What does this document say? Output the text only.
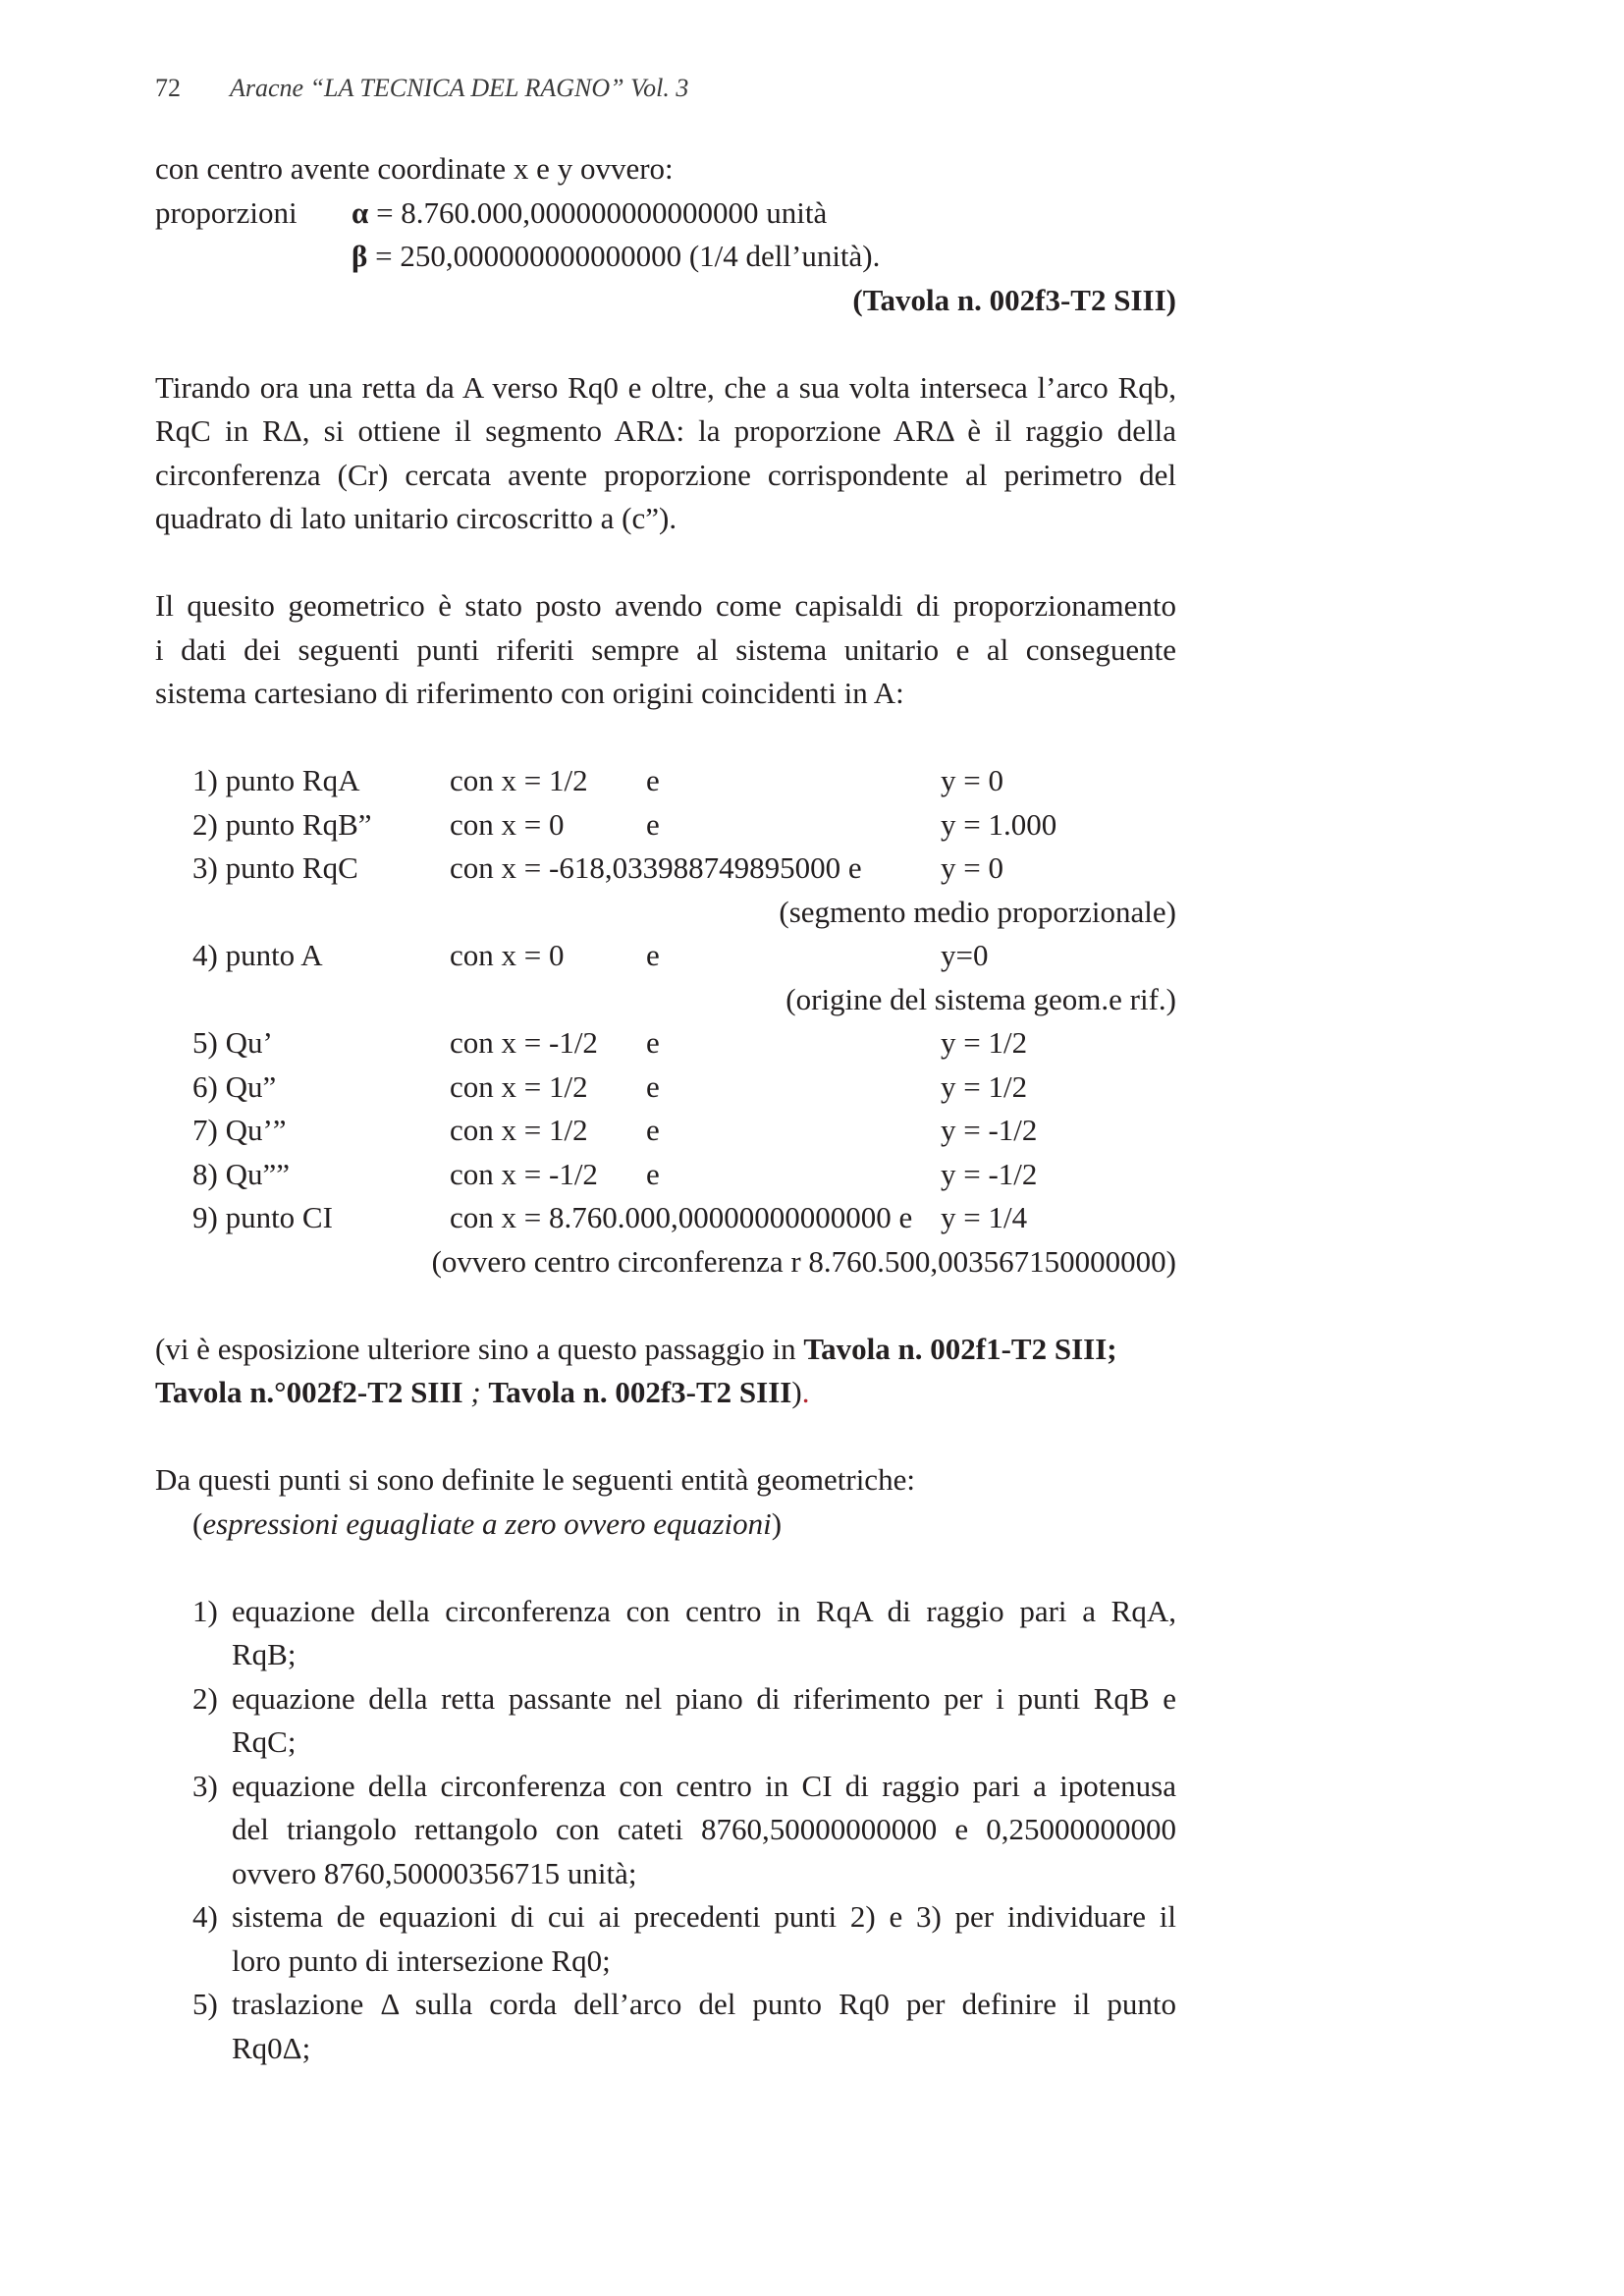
72 Aracne “LA TECNICA DEL RAGNO” Vol. 3
con centro avente coordinate x e y ovvero:
proporzioni α = 8.760.000,000000000000000 unità
β = 250,000000000000000 (1/4 dell’unità).
(Tavola n. 002f3-T2 SIII)
Tirando ora una retta da A verso Rq0 e oltre, che a sua volta interseca l’arco Rqb,
RqC in RΔ, si ottiene il segmento ARΔ: la proporzione ARΔ è il raggio della
circonferenza (Cr) cercata avente proporzione corrispondente al perimetro del
quadrato di lato unitario circoscritto a (c”).
Il quesito geometrico è stato posto avendo come capisaldi di proporzionamento
i dati dei seguenti punti riferiti sempre al sistema unitario e al conseguente
sistema cartesiano di riferimento con origini coincidenti in A:
1) punto RqA	con x = 1/2 e	y = 0
2) punto RqB”	con x = 0	e	y = 1.000
3) punto RqC	con x = -618,033988749895000 e	y = 0
(segmento medio proporzionale)
4) punto A	con x = 0	e	y=0
(origine del sistema geom.e rif.)
5) Qu’	con x = -1/2 e	y = 1/2
6) Qu”	con x = 1/2 e	y = 1/2
7) Qu’”	con x = 1/2 e	y = -1/2
8) Qu””	con x = -1/2 e	y = -1/2
9) punto CI	con x = 8.760.000,00000000000000 e y = 1/4
(ovvero centro circonferenza r 8.760.500,003567150000000)
(vi è esposizione ulteriore sino a questo passaggio in Tavola n. 002f1-T2 SIII;
Tavola n.°002f2-T2 SIII ; Tavola n. 002f3-T2 SIII).
Da questi punti si sono definite le seguenti entità geometriche:
(espressioni eguagliate a zero ovvero equazioni)
1) equazione della circonferenza con centro in RqA di raggio pari a RqA,
RqB;
2) equazione della retta passante nel piano di riferimento per i punti RqB e
RqC;
3) equazione della circonferenza con centro in CI di raggio pari a ipotenusa
del triangolo rettangolo con cateti 8760,50000000000 e 0,25000000000
ovvero 8760,50000356715 unità;
4) sistema de equazioni di cui ai precedenti punti 2) e 3) per individuare il
loro punto di intersezione Rq0;
5) traslazione Δ sulla corda dell’arco del punto Rq0 per definire il punto
Rq0Δ;
